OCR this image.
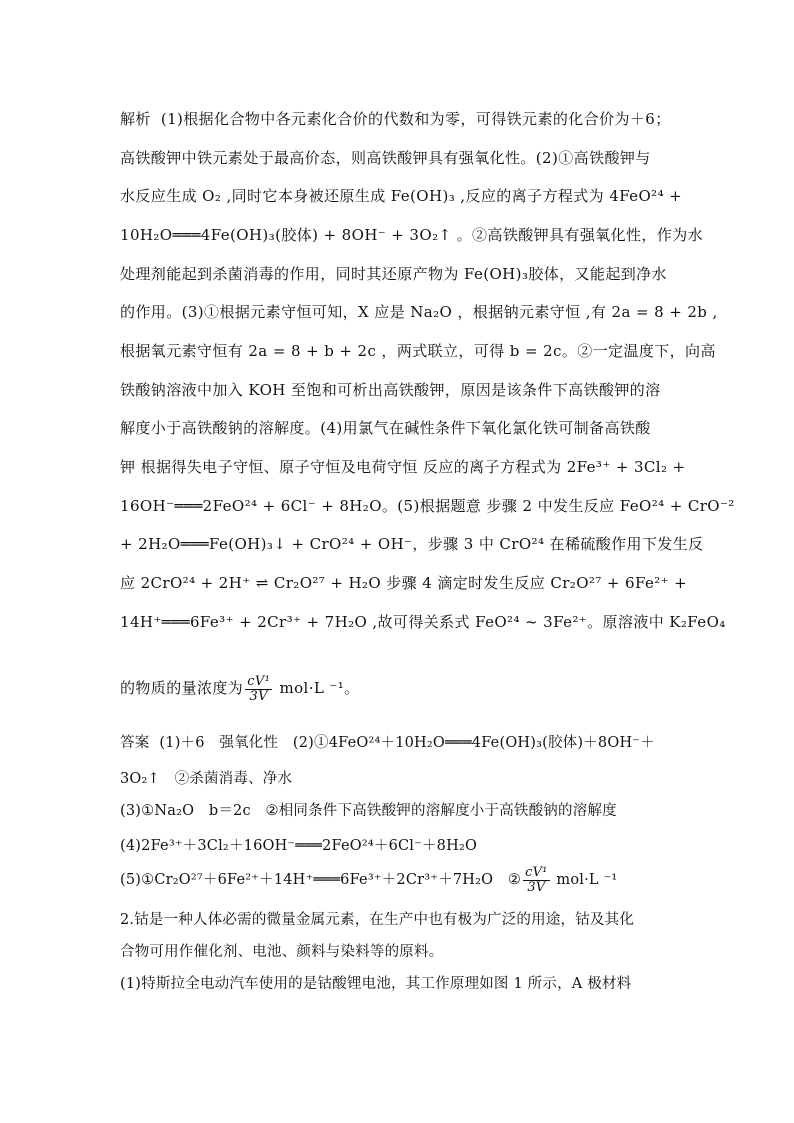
解析 (1)根据化合物中各元素化合价的代数和为零，可得铁元素的化合价为＋6；
高铁酸钾中铁元素处于最高价态，则高铁酸钾具有强氧化性。(2)①高铁酸钾与
水反应生成 O₂ ,同时它本身被还原生成 Fe(OH)₃ ,反应的离子方程式为 4FeO²⁴ +
10H₂O═══4Fe(OH)₃(胶体) + 8OH⁻ + 3O₂↑ 。②高铁酸钾具有强氧化性，作为水
处理剂能起到杀菌消毒的作用，同时其还原产物为 Fe(OH)₃胶体，又能起到净水
的作用。(3)①根据元素守恒可知，X 应是 Na₂O ，根据钠元素守恒 ,有 2a = 8 + 2b ,
根据氧元素守恒有 2a = 8 + b + 2c ，两式联立，可得 b = 2c。②一定温度下，向高
铁酸钠溶液中加入 KOH 至饱和可析出高铁酸钾，原因是该条件下高铁酸钾的溶
解度小于高铁酸钠的溶解度。(4)用氯气在碱性条件下氧化氯化铁可制备高铁酸
钾 根据得失电子守恒、原子守恒及电荷守恒 反应的离子方程式为 2Fe³⁺ + 3Cl₂ +
16OH⁻═══2FeO²⁴ + 6Cl⁻ + 8H₂O。(5)根据题意 步骤 2 中发生反应 FeO²⁴ + CrO⁻²
+ 2H₂O═══Fe(OH)₃↓ + CrO²⁴ + OH⁻，步骤 3 中 CrO²⁴ 在稀硫酸作用下发生反
应 2CrO²⁴ + 2H⁺ ⇌ Cr₂O²⁷ + H₂O 步骤 4 滴定时发生反应 Cr₂O²⁷ + 6Fe²⁺ +
14H⁺═══6Fe³⁺ + 2Cr³⁺ + 7H₂O ,故可得关系式 FeO²⁴ ~ 3Fe²⁺。原溶液中 K₂FeO₄
的物质的量浓度为 $\frac{\text{cV¹}}{3V} mol\cdot L$ ⁻¹。
答案 (1)＋6　强氧化性　(2)①4FeO²⁴＋10H₂O═══4Fe(OH)₃(胶体)＋8OH⁻＋
3O₂↑　②杀菌消毒、净水
(3)①Na₂O　b＝2c　②相同条件下高铁酸钾的溶解度小于高铁酸钠的溶解度
(4)2Fe³⁺＋3Cl₂＋16OH⁻═══2FeO²⁴＋6Cl⁻＋8H₂O
(5)①Cr₂O²⁷＋6Fe²⁺＋14H⁺═══6Fe³⁺＋2Cr³⁺＋7H₂O　② $\frac{\text{cV¹}}{3V} mol\cdot L$ ⁻¹
2.钴是一种人体必需的微量金属元素，在生产中也有极为广泛的用途，钴及其化
合物可用作催化剂、电池、颜料与染料等的原料。
(1)特斯拉全电动汽车使用的是钴酸锂电池，其工作原理如图 1 所示，A 极材料
